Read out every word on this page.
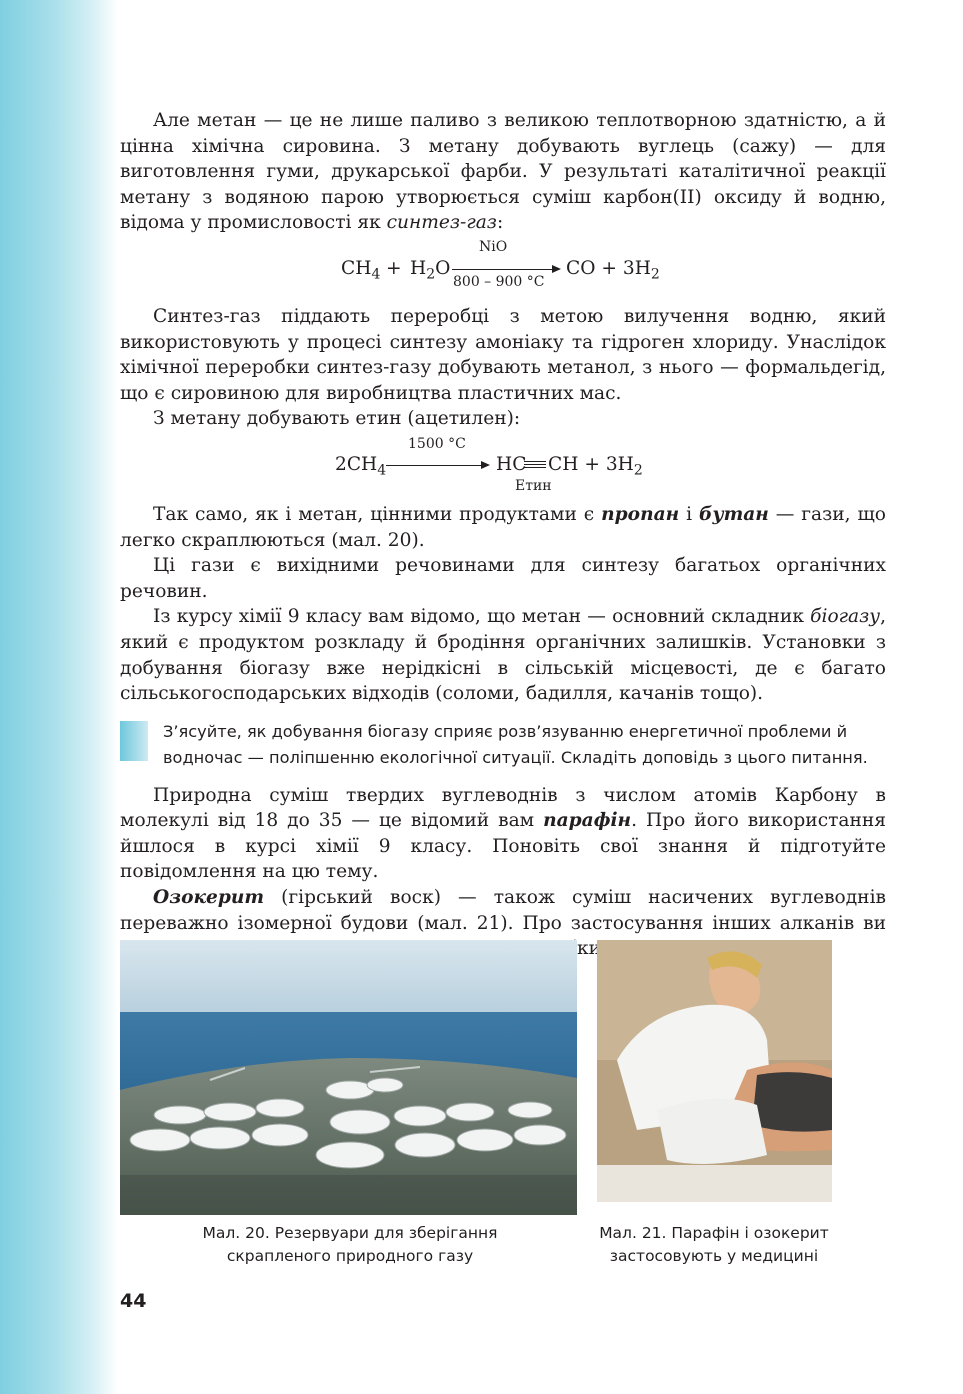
Але метан — це не лише паливо з великою теплотворною здатністю, а й цінна хімічна сировина. З метану добувають вуглець (сажу) — для виготовлення гуми, друкарської фарби. У результаті каталітичної реакції метану з водяною парою утворюється суміш карбон(II) оксиду й водню, відома у промисловості як синтез-газ:

$CH_4 + H_2O$
NiO
800 – 900 °C
CO + $3H_2$

Синтез-газ піддають переробці з метою вилучення водню, який використовують у процесі синтезу амоніаку та гідроген хлориду. Унаслідок хімічної переробки синтез-газу добувають метанол, з нього — формальдегід, що є сировиною для виробництва пластичних мас.

З метану добувають етин (ацетилен):

$2CH_4$
1500 °C
HC CH + $3H_2$
Етин

Так само, як і метан, цінними продуктами є пропан і бутан — гази, що легко скраплюються (мал. 20).

Ці гази є вихідними речовинами для синтезу багатьох органічних речовин.

Із курсу хімії 9 класу вам відомо, що метан — основний складник біогазу, який є продуктом розкладу й бродіння органічних залишків. Установки з добування біогазу вже нерідкісні в сільській місцевості, де є багато сільськогосподарських відходів (соломи, бадилля, качанів тощо).

З’ясуйте, як добування біогазу сприяє розв’язуванню енергетичної проблеми й водночас — поліпшенню екологічної ситуації. Складіть доповідь з цього питання.

Природна суміш твердих вуглеводнів з числом атомів Карбону в молекулі від 18 до 35 — це відомий вам парафін. Про його використання йшлося в курсі хімії 9 класу. Поновіть свої знання й підготуйте повідомлення на цю тему.

Озокерит (гірський воск) — також суміш насичених вуглеводнів переважно ізомерної будови (мал. 21). Про застосування інших алканів ви

Мал. 20. Резервуари для зберігання
скрапленого природного газу
Мал. 21. Парафін і озокерит
застосовують у медицині
44
